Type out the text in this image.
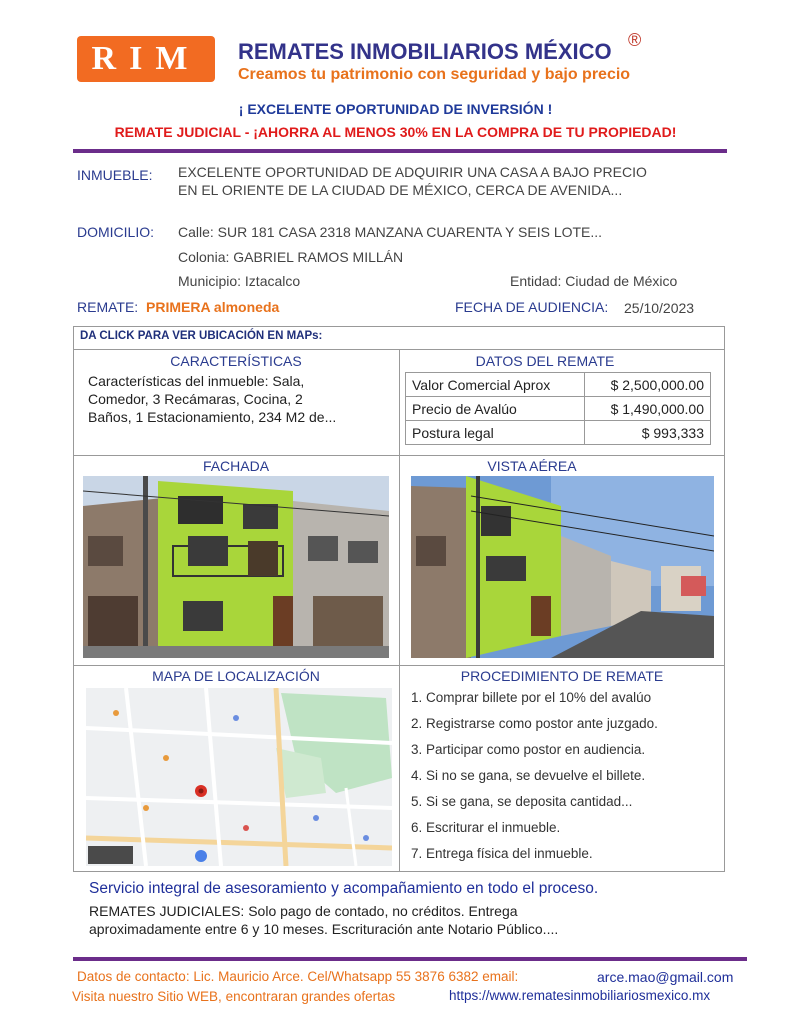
RIM	REMATES INMOBILIARIOS MÉXICO ®
Creamos tu patrimonio con seguridad y bajo precio
¡ EXCELENTE OPORTUNIDAD DE INVERSIÓN !
REMATE JUDICIAL - ¡AHORRA AL MENOS 30% EN LA COMPRA DE TU PROPIEDAD!
INMUEBLE: EXCELENTE OPORTUNIDAD DE ADQUIRIR UNA CASA A BAJO PRECIO
EN EL ORIENTE DE LA CIUDAD DE MÉXICO, CERCA DE AVENIDA...
DOMICILIO: Calle: SUR 181 CASA 2318 MANZANA CUARENTA Y SEIS LOTE...
Colonia: GABRIEL RAMOS MILLÁN
Municipio: Iztacalco	Entidad: Ciudad de México
REMATE: PRIMERA almoneda	FECHA DE AUDIENCIA: 25/10/2023
DA CLICK PARA VER UBICACIÓN EN MAPs:
CARACTERÍSTICAS
Características del inmueble: Sala,
Comedor, 3 Recámaras, Cocina, 2
Baños, 1 Estacionamiento, 234 M2 de...
DATOS DEL REMATE
Valor Comercial Aprox	$ 2,500,000.00
Precio de Avalúo	$ 1,490,000.00
Postura legal	$ 993,333
FACHADA	VISTA AÉREA
MAPA DE LOCALIZACIÓN	PROCEDIMIENTO DE REMATE
1. Comprar billete por el 10% del avalúo
2. Registrarse como postor ante juzgado.
3. Participar como postor en audiencia.
4. Si no se gana, se devuelve el billete.
5. Si se gana, se deposita cantidad...
6. Escriturar el inmueble.
7. Entrega física del inmueble.
Servicio integral de asesoramiento y acompañamiento en todo el proceso.
REMATES JUDICIALES: Solo pago de contado, no créditos. Entrega
aproximadamente entre 6 y 10 meses. Escrituración ante Notario Público....
Datos de contacto: Lic. Mauricio Arce. Cel/Whatsapp 55 3876 6382 email:	arce.mao@gmail.com
Visita nuestro Sitio WEB, encontraran grandes ofertas	https://www.rematesinmobiliariosmexico.mx
